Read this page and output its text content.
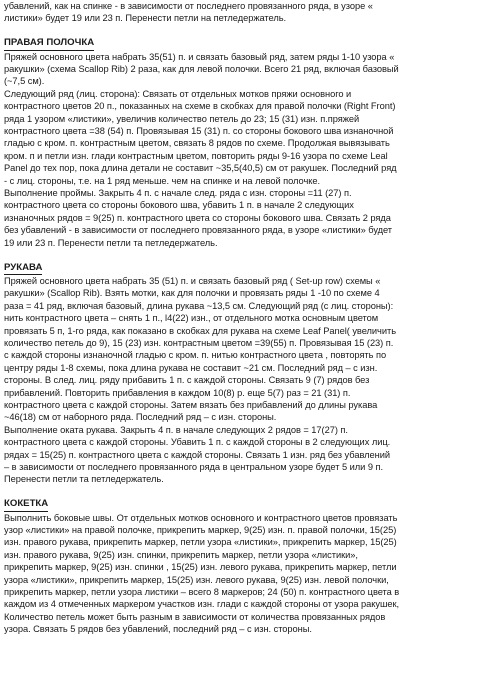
убавлений, как на спинке - в зависимости от последнего провязанного ряда, в узоре «
листики» будет 19 или 23 п. Перенести петли на петледержатель.
ПРАВАЯ ПОЛОЧКА
Пряжей основного цвета набрать 35(51) п. и связать базовый ряд, затем ряды 1-10 узора «
ракушки» (схема Scallop Rib) 2 раза, как для левой полочки. Всего 21 ряд, включая базовый
(~7,5 см).
Следующий ряд (лиц. сторона): Связать от отдельных мотков пряжи основного и
контрастного цветов 20 п., показанных на схеме в скобках для правой полочки (Right Front)
ряда 1 узором «листики», увеличив количество петель до 23; 15 (31) изн. п.пряжей
контрастного цвета =38 (54) п. Провязывая 15 (31) п. со стороны бокового шва изнаночной
гладью с кром. п. контрастным цветом, связать 8 рядов по схеме. Продолжая вывязывать
кром. п и петли изн. глади контрастным цветом, повторить ряды 9-16 узора по схеме Leal
Panel до тех пор, пока длина детали не составит ~35,5(40,5) см от ракушек. Последний ряд
- с лиц. стороны, т.е. на 1 ряд меньше. чем на спинке и на левой полочке.
Выполнение проймы. Закрыть 4 п. с начале след. ряда с изн. стороны =11 (27) п.
контрастного цвета со стороны бокового шва, убавить 1 п. в начале 2 следующих
изнаночных рядов = 9(25) п. контрастного цвета со стороны бокового шва. Связать 2 ряда
без убавлений - в зависимости от последнего провязанного ряда, в узоре «листики» будет
19 или 23 п. Перенести петли та петледержатель.
РУКАВА
Пряжей основного цвета набрать 35 (51) п. и связать базовый ряд ( Set-up row) схемы «
ракушки» (Scallop Rib). Взять мотки, как для полочки и провязать ряды 1 -10 по схеме 4
раза = 41 ряд, включая базовый, длина рукава ~13,5 см. Следующий ряд (с лиц. стороны):
нить контрастного цвета – снять 1 п., l4(22) изн., от отдельного мотка основным цветом
провязать 5 п, 1-го ряда, как показано в скобках для рукава на схеме Leaf Panel( увеличить
количество петель до 9), 15 (23) изн. контрастным цветом =39(55) п. Провязывая 15 (23) п.
с каждой стороны изнаночной гладью с кром. п. нитью контрастного цвета , повторять по
центру ряды 1-8 схемы, пока длина рукава не составит ~21 см. Последний ряд – с изн.
стороны. В след. лиц. ряду прибавить 1 п. с каждой стороны. Связать 9 (7) рядов без
прибавлений. Повторить прибавления в каждом 10(8) р. еще 5(7) раз = 21 (31) п.
контрастного цвета с каждой стороны. Затем вязать без прибавлений до длины рукава
~46(18) см от наборного ряда. Последний ряд – с изн. стороны.
Выполнение оката рукава. Закрыть 4 п. в начале следующих 2 рядов = 17(27) п.
контрастного цвета с каждой стороны. Убавить 1 п. с каждой стороны в 2 следующих лиц.
рядах = 15(25) п. контрастного цвета с каждой стороны. Связать 1 изн. ряд без убавлений
– в зависимости от последнего провязанного ряда в центральном узоре будет 5 или 9 п.
Перенести петли та петледержатель.
КОКЕТКА
Выполнить боковые швы. От отдельных мотков основного и контрастного цветов провязать
узор «листики» на правой полочке, прикрепить маркер, 9(25) изн. п. правой полочки, 15(25)
изн. правого рукава, прикрепить маркер, петли узора «листики», прикрепить маркер, 15(25)
изн. правого рукава, 9(25) изн. спинки, прикрепить маркер, петли узора «листики»,
прикрепить маркер, 9(25) изн. спинки , 15(25) изн. левого рукава, прикрепить маркер, петли
узора «листики», прикрепить маркер, 15(25) изн. левого рукава, 9(25) изн. левой полочки,
прикрепить маркер, петли узора листики – всего 8 маркеров; 24 (50) п. контрастного цвета в
каждом из 4 отмеченных маркером участков изн. глади с каждой стороны от узора ракушек,
Количество петель может быть разным в зависимости от количества провязанных рядов
узора. Связать 5 рядов без убавлений, последний ряд – с изн. стороны.
